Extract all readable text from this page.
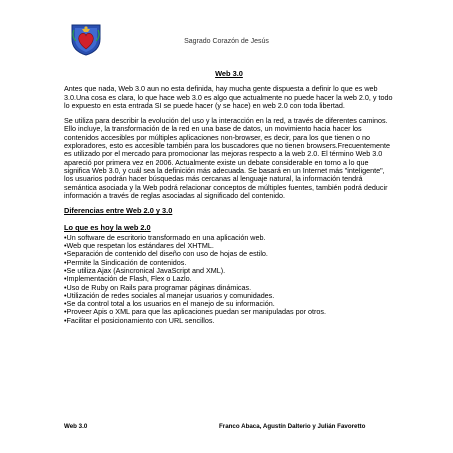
Sagrado Corazón de Jesús
Web 3.0

Antes que nada, Web 3.0 aun no esta definida, hay mucha gente dispuesta a definir lo que es web 3.0.Una cosa es clara, lo que hace web 3.0 es algo que actualmente no puede hacer la web 2.0, y todo lo expuesto en esta entrada SI se puede hacer (y se hace) en web 2.0 con toda libertad.

Se utiliza para describir la evolución del uso y la interacción en la red, a través de diferentes caminos. Ello incluye, la transformación de la red en una base de datos, un movimiento hacia hacer los contenidos accesibles por múltiples aplicaciones non-browser, es decir, para los que tienen o no exploradores, esto es accesible también para los buscadores que no tienen browsers.Frecuentemente es utilizado por el mercado para promocionar las mejoras respecto a la web 2.0. El término Web 3.0 apareció por primera vez en 2006. Actualmente existe un debate considerable en torno a lo que significa Web 3.0, y cuál sea la definición más adecuada. Se basará en un Internet más "inteligente", los usuarios podrán hacer búsquedas más cercanas al lenguaje natural, la información tendrá semántica asociada y la Web podrá relacionar conceptos de múltiples fuentes, también podrá deducir información a través de reglas asociadas al significado del contenido.

Diferencias entre Web 2.0 y 3.0
Lo que es hoy la web 2.0
• Un software de escritorio transformado en una aplicación web.
• Web que respetan los estándares del XHTML.
• Separación de contenido del diseño con uso de hojas de estilo.
• Permite la Sindicación de contenidos.
• Se utiliza Ajax (Asincronical JavaScript and XML).
• Implementación de Flash, Flex o Lazlo.
• Uso de Ruby on Rails para programar páginas dinámicas.
• Utilización de redes sociales al manejar usuarios y comunidades.
• Se da control total a los usuarios en el manejo de su información.
• Proveer Apis o XML para que las aplicaciones puedan ser manipuladas por otros.
• Facilitar el posicionamiento con URL sencillos.
Web 3.0	Franco Abaca, Agustín Dalterio y Julián Favoretto
